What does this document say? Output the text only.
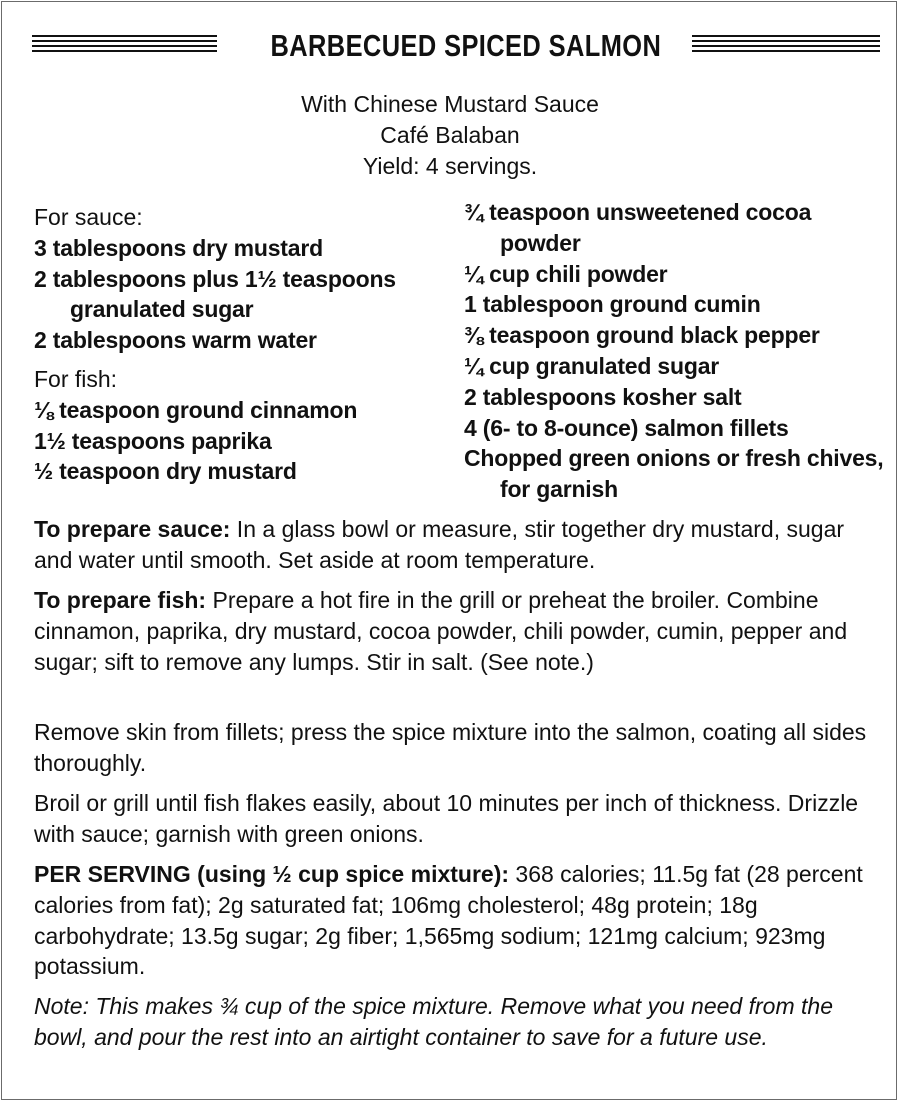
BARBECUED SPICED SALMON
With Chinese Mustard Sauce
Café Balaban
Yield: 4 servings.

For sauce:

3 tablespoons dry mustard

2 tablespoons plus 1½ teaspoons granulated sugar

2 tablespoons warm water

For fish:

⅛ teaspoon ground cinnamon

1½ teaspoons paprika

½ teaspoon dry mustard

¾ teaspoon unsweetened cocoa powder

¼ cup chili powder

1 tablespoon ground cumin

⅜ teaspoon ground black pepper

¼ cup granulated sugar

2 tablespoons kosher salt

4 (6- to 8-ounce) salmon fillets

Chopped green onions or fresh chives, for garnish

To prepare sauce: In a glass bowl or measure, stir together dry mustard, sugar and water until smooth. Set aside at room temperature.

To prepare fish: Prepare a hot fire in the grill or preheat the broiler. Combine cinnamon, paprika, dry mustard, cocoa powder, chili powder, cumin, pepper and sugar; sift to remove any lumps. Stir in salt. (See note.)

Remove skin from fillets; press the spice mixture into the salmon, coating all sides thoroughly.

Broil or grill until fish flakes easily, about 10 minutes per inch of thickness. Drizzle with sauce; garnish with green onions.

PER SERVING (using ½ cup spice mixture): 368 calories; 11.5g fat (28 percent calories from fat); 2g saturated fat; 106mg cholesterol; 48g protein; 18g carbohydrate; 13.5g sugar; 2g fiber; 1,565mg sodium; 121mg calcium; 923mg potassium.

Note: This makes ¾ cup of the spice mixture. Remove what you need from the bowl, and pour the rest into an airtight container to save for a future use.
